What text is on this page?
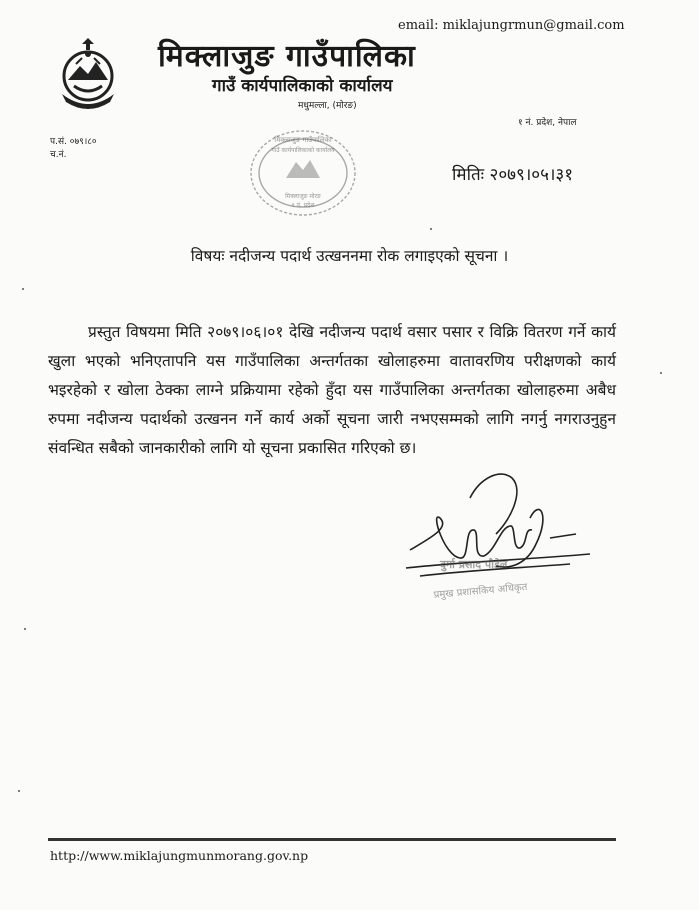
email: miklajungrmun@gmail.com
मिक्लाजुङ गाउँपालिका
गाउँ कार्यपालिकाको कार्यालय
मधुमल्ला, (मोरङ)
१ नं. प्रदेश, नेपाल
प.सं. ०७९।८०
च.नं.
मिक्लाजुङ गाउँपालिका
गाउँ कार्यपालिकाको कार्यालय
मिक्लाजुङ मोरङ
१ नं. प्रदेश
मितिः २०७९।०५।३१
विषयः नदीजन्य पदार्थ उत्खननमा रोक लगाइएको सूचना ।
प्रस्तुत विषयमा मिति २०७९।०६।०१ देखि नदीजन्य पदार्थ वसार पसार र विक्रि वितरण गर्ने कार्य खुला भएको भनिएतापनि यस गाउँपालिका अन्तर्गतका खोलाहरुमा वातावरणिय परीक्षणको कार्य भइरहेको र खोला ठेक्का लाग्ने प्रक्रियामा रहेको हुँदा यस गाउँपालिका अन्तर्गतका खोलाहरुमा अबैध रुपमा नदीजन्य पदार्थको उत्खनन गर्ने कार्य अर्को सूचना जारी नभएसम्मको लागि नगर्नु नगराउनुहुन संवन्धित सबैको जानकारीको लागि यो सूचना प्रकासित गरिएको छ।
दुर्गा प्रसाद पौडेल
प्रमुख प्रशासकिय अधिकृत
http://www.miklajungmunmorang.gov.np
